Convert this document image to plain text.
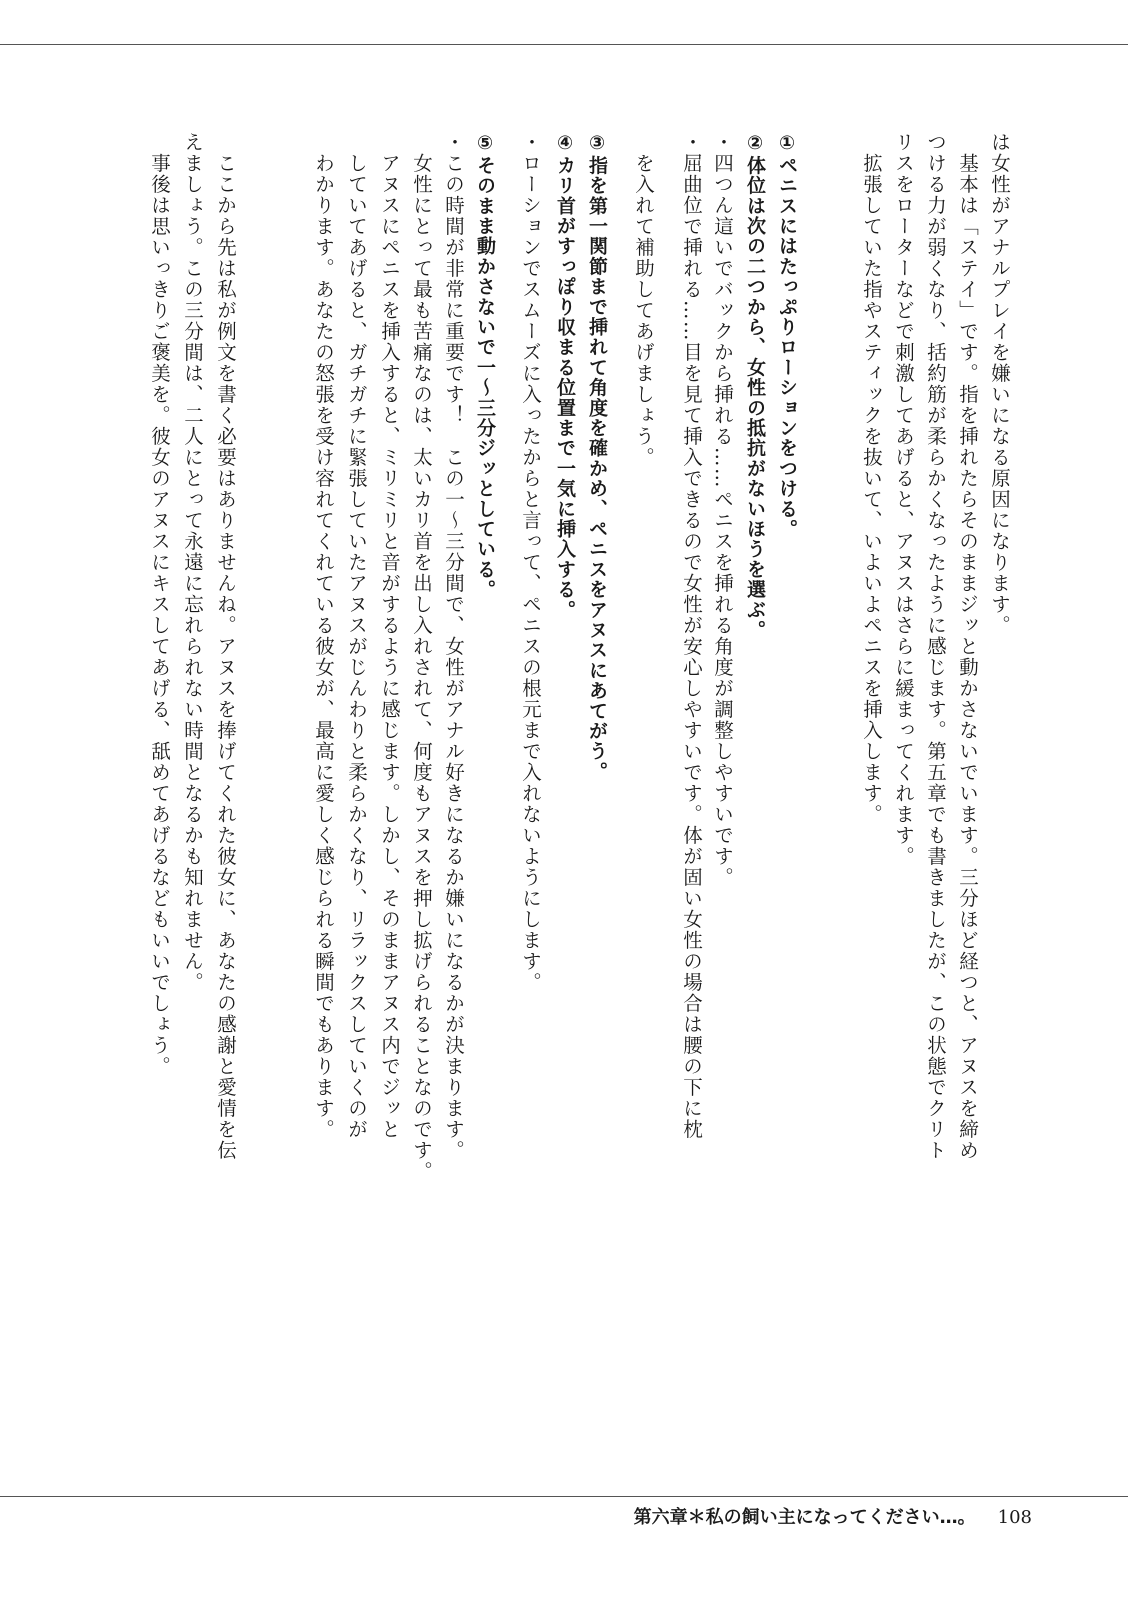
は女性がアナルプレイを嫌いになる原因になります。
　基本は「ステイ」です。指を挿れたらそのままジッと動かさないでいます。三分ほど経つと、アヌスを締め
つける力が弱くなり、括約筋が柔らかくなったように感じます。第五章でも書きましたが、この状態でクリト
リスをローターなどで刺激してあげると、アヌスはさらに緩まってくれます。
　拡張していた指やスティックを抜いて、いよいよペニスを挿入します。
①ペニスにはたっぷりローションをつける。
②体位は次の二つから、女性の抵抗がないほうを選ぶ。
・四つん這いでバックから挿れる……ペニスを挿れる角度が調整しやすいです。
・屈曲位で挿れる……目を見て挿入できるので女性が安心しやすいです。体が固い女性の場合は腰の下に枕
　を入れて補助してあげましょう。
③指を第一関節まで挿れて角度を確かめ、ペニスをアヌスにあてがう。
④カリ首がすっぽり収まる位置まで一気に挿入する。
・ローションでスムーズに入ったからと言って、ペニスの根元まで入れないようにします。
⑤そのまま動かさないで一～三分ジッとしている。
・この時間が非常に重要です！　この一～三分間で、女性がアナル好きになるか嫌いになるかが決まります。
　女性にとって最も苦痛なのは、太いカリ首を出し入れされて、何度もアヌスを押し拡げられることなのです。
　アヌスにペニスを挿入すると、ミリミリと音がするように感じます。しかし、そのままアヌス内でジッと
　していてあげると、ガチガチに緊張していたアヌスがじんわりと柔らかくなり、リラックスしていくのが
　わかります。あなたの怒張を受け容れてくれている彼女が、最高に愛しく感じられる瞬間でもあります。
　ここから先は私が例文を書く必要はありませんね。アヌスを捧げてくれた彼女に、あなたの感謝と愛情を伝
えましょう。この三分間は、二人にとって永遠に忘れられない時間となるかも知れません。
　事後は思いっきりご褒美を。彼女のアヌスにキスしてあげる、舐めてあげるなどもいいでしょう。
第六章＊私の飼い主になってください…。 108
